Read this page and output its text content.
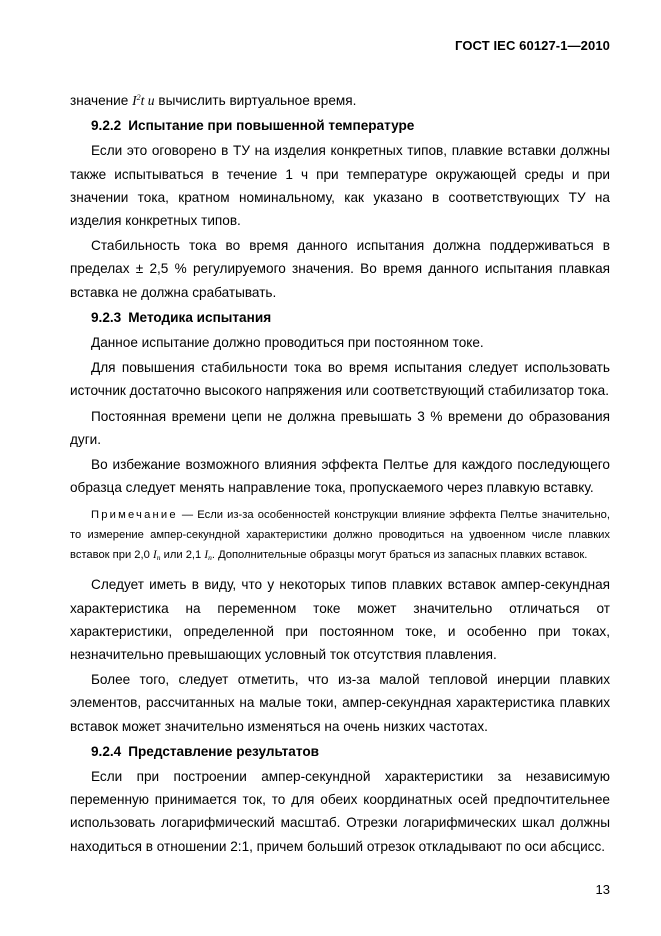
ГОСТ IEC 60127-1—2010

значение $I^2t$ и вычислить виртуальное время.

9.2.2 Испытание при повышенной температуре

Если это оговорено в ТУ на изделия конкретных типов, плавкие вставки должны также испытываться в течение 1 ч при температуре окружающей среды и при значении тока, кратном номинальному, как указано в соответствующих ТУ на изделия конкретных типов.

Стабильность тока во время данного испытания должна поддерживаться в пределах ± 2,5 % регулируемого значения. Во время данного испытания плавкая вставка не должна срабатывать.

9.2.3 Методика испытания

Данное испытание должно проводиться при постоянном токе.

Для повышения стабильности тока во время испытания следует использовать источник достаточно высокого напряжения или соответствующий стабилизатор тока.

Постоянная времени цепи не должна превышать 3 % времени до образования дуги.

Во избежание возможного влияния эффекта Пелтье для каждого последующего образца следует менять направление тока, пропускаемого через плавкую вставку.

Примечание — Если из-за особенностей конструкции влияние эффекта Пелтье значительно, то измерение ампер-секундной характеристики должно проводиться на удвоенном числе плавких вставок при 2,0 $I_n$ или 2,1 $I_n$. Дополнительные образцы могут браться из запасных плавких вставок.

Следует иметь в виду, что у некоторых типов плавких вставок ампер-секундная характеристика на переменном токе может значительно отличаться от характеристики, определенной при постоянном токе, и особенно при токах, незначительно превышающих условный ток отсутствия плавления.

Более того, следует отметить, что из-за малой тепловой инерции плавких элементов, рассчитанных на малые токи, ампер-секундная характеристика плавких вставок может значительно изменяться на очень низких частотах.

9.2.4 Представление результатов

Если при построении ампер-секундной характеристики за независимую переменную принимается ток, то для обеих координатных осей предпочтительнее использовать логарифмический масштаб. Отрезки логарифмических шкал должны находиться в отношении 2:1, причем больший отрезок откладывают по оси абсцисс.

13
